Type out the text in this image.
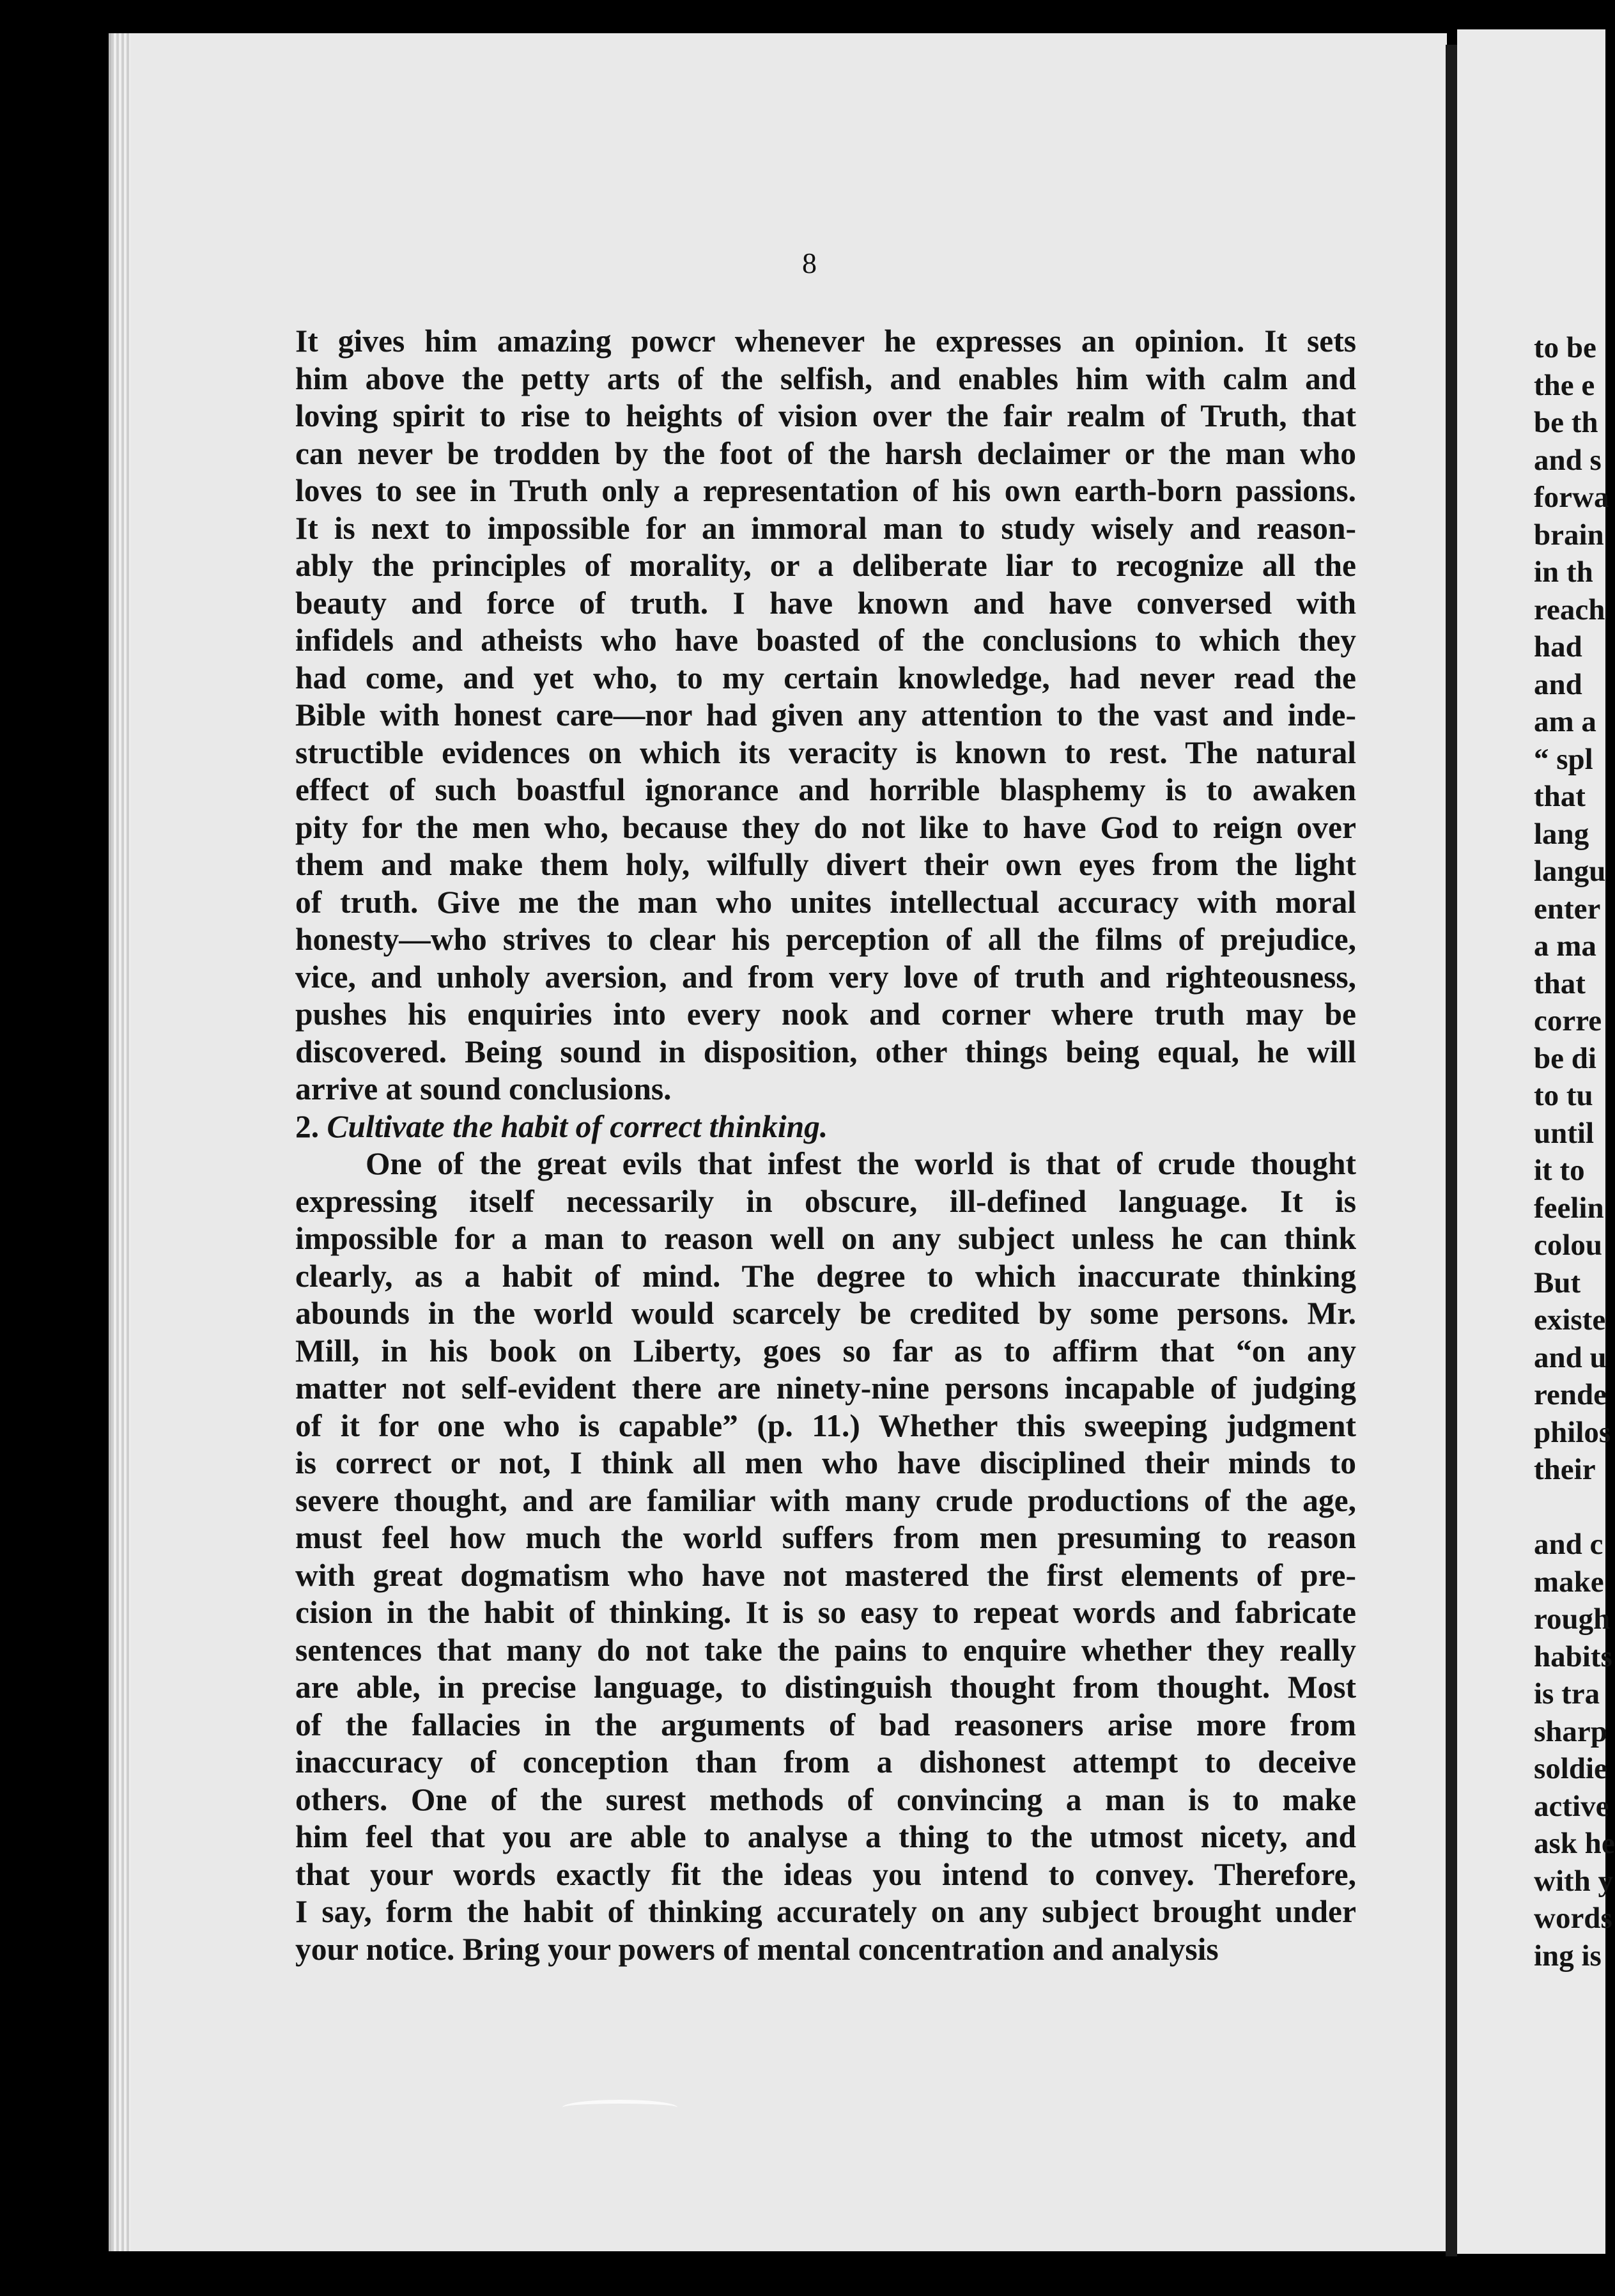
8
It gives him amazing powcr whenever he expresses an opinion. It sets
him above the petty arts of the selfish, and enables him with calm and
loving spirit to rise to heights of vision over the fair realm of Truth, that
can never be trodden by the foot of the harsh declaimer or the man who
loves to see in Truth only a representation of his own earth-born passions.
It is next to impossible for an immoral man to study wisely and reason-
ably the principles of morality, or a deliberate liar to recognize all the
beauty and force of truth. I have known and have conversed with
infidels and atheists who have boasted of the conclusions to which they
had come, and yet who, to my certain knowledge, had never read the
Bible with honest care—nor had given any attention to the vast and inde-
structible evidences on which its veracity is known to rest. The natural
effect of such boastful ignorance and horrible blasphemy is to awaken
pity for the men who, because they do not like to have God to reign over
them and make them holy, wilfully divert their own eyes from the light
of truth. Give me the man who unites intellectual accuracy with moral
honesty—who strives to clear his perception of all the films of prejudice,
vice, and unholy aversion, and from very love of truth and righteousness,
pushes his enquiries into every nook and corner where truth may be
discovered. Being sound in disposition, other things being equal, he will
arrive at sound conclusions.
2. Cultivate the habit of correct thinking.
One of the great evils that infest the world is that of crude thought
expressing itself necessarily in obscure, ill-defined language. It is
impossible for a man to reason well on any subject unless he can think
clearly, as a habit of mind. The degree to which inaccurate thinking
abounds in the world would scarcely be credited by some persons. Mr.
Mill, in his book on Liberty, goes so far as to affirm that “on any
matter not self-evident there are ninety-nine persons incapable of judging
of it for one who is capable” (p. 11.) Whether this sweeping judgment
is correct or not, I think all men who have disciplined their minds to
severe thought, and are familiar with many crude productions of the age,
must feel how much the world suffers from men presuming to reason
with great dogmatism who have not mastered the first elements of pre-
cision in the habit of thinking. It is so easy to repeat words and fabricate
sentences that many do not take the pains to enquire whether they really
are able, in precise language, to distinguish thought from thought. Most
of the fallacies in the arguments of bad reasoners arise more from
inaccuracy of conception than from a dishonest attempt to deceive
others. One of the surest methods of convincing a man is to make
him feel that you are able to analyse a thing to the utmost nicety, and
that your words exactly fit the ideas you intend to convey. Therefore,
I say, form the habit of thinking accurately on any subject brought under
your notice. Bring your powers of mental concentration and analysis
to be
the e
be th
and s
forwa
brain
in th
reach
had
and
am a
“ spl
that
lang
langu
enter
a ma
that
corre
be di
to tu
until
it to
feelin
colou
But
existe
and u
rende
philos
their
and c
make
rough
habits
is tra
sharp
soldie
active
ask he
with y
words
ing is
